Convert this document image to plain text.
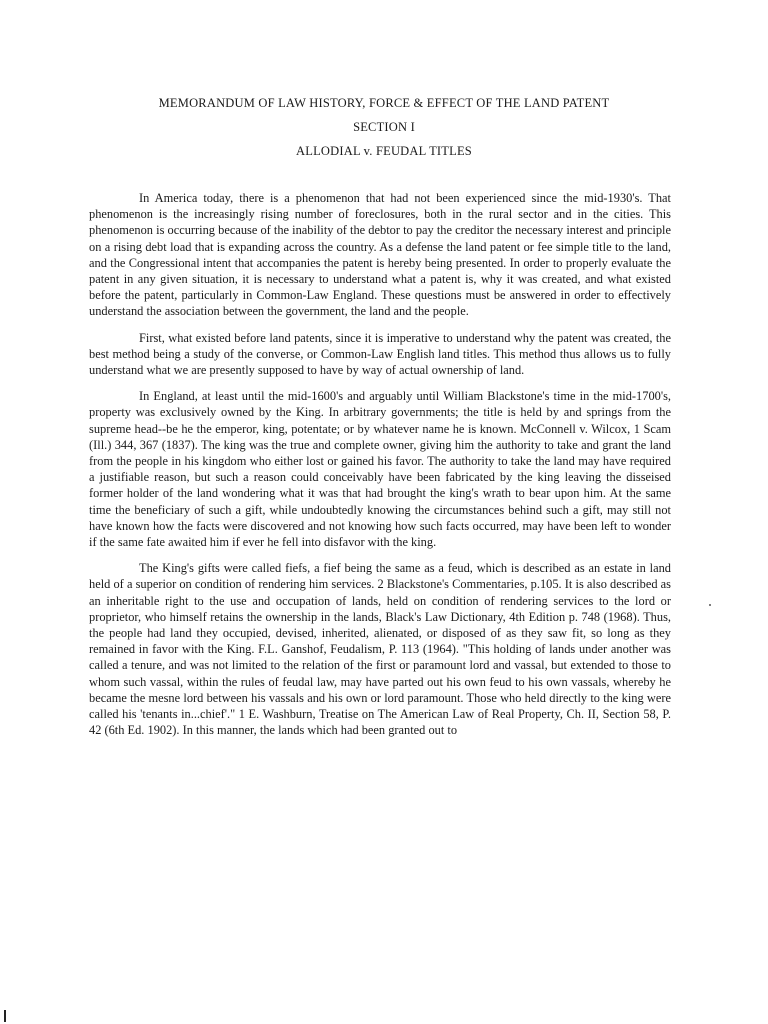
MEMORANDUM OF LAW HISTORY, FORCE & EFFECT OF THE LAND PATENT
SECTION I
ALLODIAL v. FEUDAL TITLES

In America today, there is a phenomenon that had not been experienced since the mid-1930's. That phenomenon is the increasingly rising number of foreclosures, both in the rural sector and in the cities. This phenomenon is occurring because of the inability of the debtor to pay the creditor the necessary interest and principle on a rising debt load that is expanding across the country. As a defense the land patent or fee simple title to the land, and the Congressional intent that accompanies the patent is hereby being presented. In order to properly evaluate the patent in any given situation, it is necessary to understand what a patent is, why it was created, and what existed before the patent, particularly in Common-Law England. These questions must be answered in order to effectively understand the association between the government, the land and the people.

First, what existed before land patents, since it is imperative to understand why the patent was created, the best method being a study of the converse, or Common-Law English land titles. This method thus allows us to fully understand what we are presently supposed to have by way of actual ownership of land.

In England, at least until the mid-1600's and arguably until William Blackstone's time in the mid-1700's, property was exclusively owned by the King. In arbitrary governments; the title is held by and springs from the supreme head--be he the emperor, king, potentate; or by whatever name he is known. McConnell v. Wilcox, 1 Scam (Ill.) 344, 367 (1837). The king was the true and complete owner, giving him the authority to take and grant the land from the people in his kingdom who either lost or gained his favor. The authority to take the land may have required a justifiable reason, but such a reason could conceivably have been fabricated by the king leaving the disseised former holder of the land wondering what it was that had brought the king's wrath to bear upon him. At the same time the beneficiary of such a gift, while undoubtedly knowing the circumstances behind such a gift, may still not have known how the facts were discovered and not knowing how such facts occurred, may have been left to wonder if the same fate awaited him if ever he fell into disfavor with the king.

The King's gifts were called fiefs, a fief being the same as a feud, which is described as an estate in land held of a superior on condition of rendering him services. 2 Blackstone's Commentaries, p.105. It is also described as an inheritable right to the use and occupation of lands, held on condition of rendering services to the lord or proprietor, who himself retains the ownership in the lands, Black's Law Dictionary, 4th Edition p. 748 (1968). Thus, the people had land they occupied, devised, inherited, alienated, or disposed of as they saw fit, so long as they remained in favor with the King. F.L. Ganshof, Feudalism, P. 113 (1964). "This holding of lands under another was called a tenure, and was not limited to the relation of the first or paramount lord and vassal, but extended to those to whom such vassal, within the rules of feudal law, may have parted out his own feud to his own vassals, whereby he became the mesne lord between his vassals and his own or lord paramount. Those who held directly to the king were called his 'tenants in...chief'." 1 E. Washburn, Treatise on The American Law of Real Property, Ch. II, Section 58, P. 42 (6th Ed. 1902). In this manner, the lands which had been granted out to
